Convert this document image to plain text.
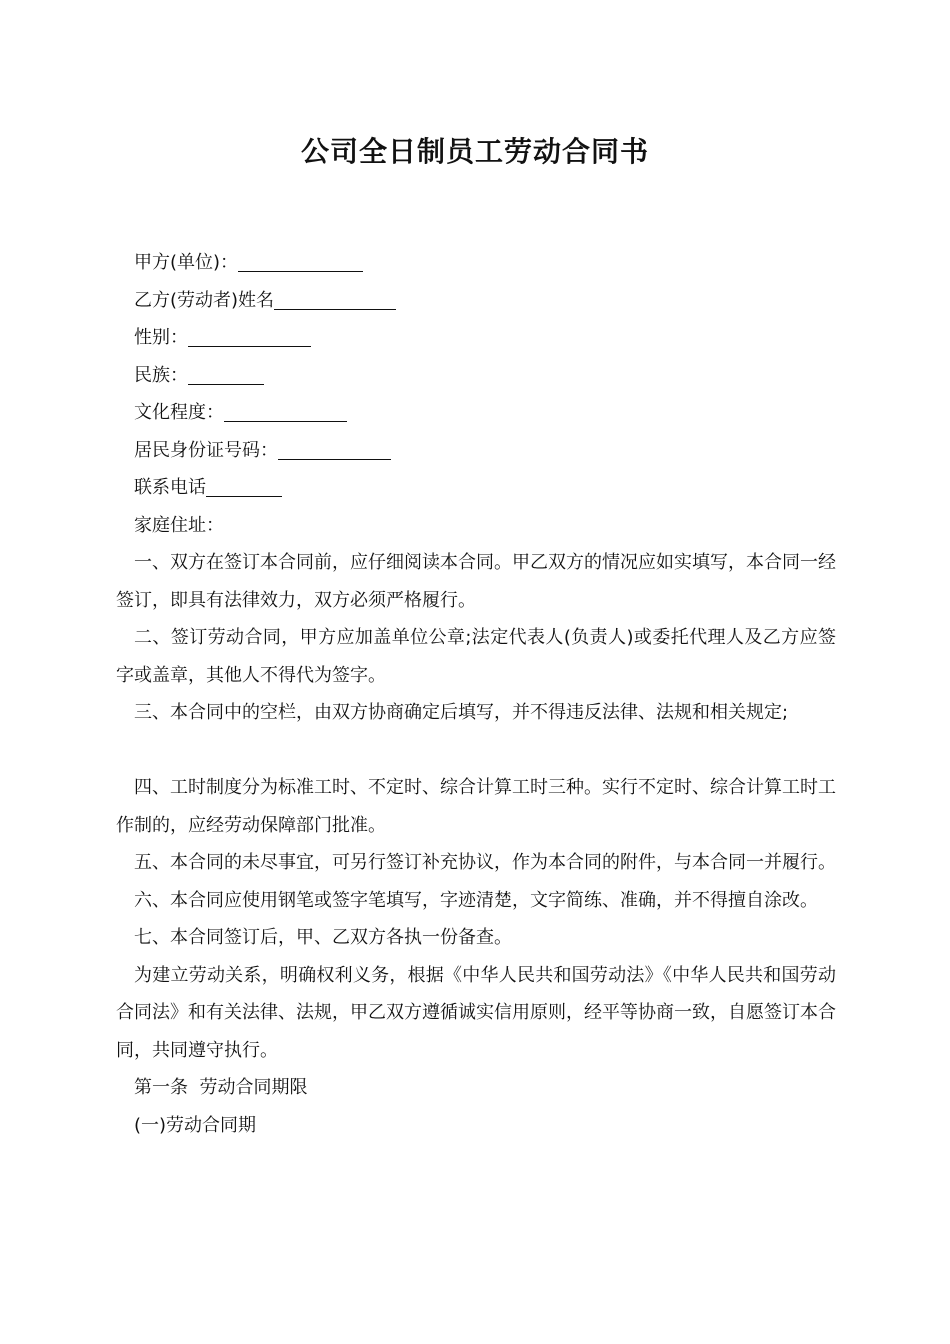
公司全日制员工劳动合同书
甲方(单位)：
乙方(劳动者)姓名
性别：
民族：
文化程度：
居民身份证号码：
联系电话
家庭住址：

一、双方在签订本合同前，应仔细阅读本合同。甲乙双方的情况应如实填写，本合同一经签订，即具有法律效力，双方必须严格履行。

二、签订劳动合同，甲方应加盖单位公章;法定代表人(负责人)或委托代理人及乙方应签字或盖章，其他人不得代为签字。

三、本合同中的空栏，由双方协商确定后填写，并不得违反法律、法规和相关规定;

四、工时制度分为标准工时、不定时、综合计算工时三种。实行不定时、综合计算工时工作制的，应经劳动保障部门批准。

五、本合同的未尽事宜，可另行签订补充协议，作为本合同的附件，与本合同一并履行。

六、本合同应使用钢笔或签字笔填写，字迹清楚，文字简练、准确，并不得擅自涂改。

七、本合同签订后，甲、乙双方各执一份备查。

为建立劳动关系，明确权利义务，根据《中华人民共和国劳动法》《中华人民共和国劳动合同法》和有关法律、法规，甲乙双方遵循诚实信用原则，经平等协商一致，自愿签订本合同，共同遵守执行。

第一条  劳动合同期限
(一)劳动合同期
